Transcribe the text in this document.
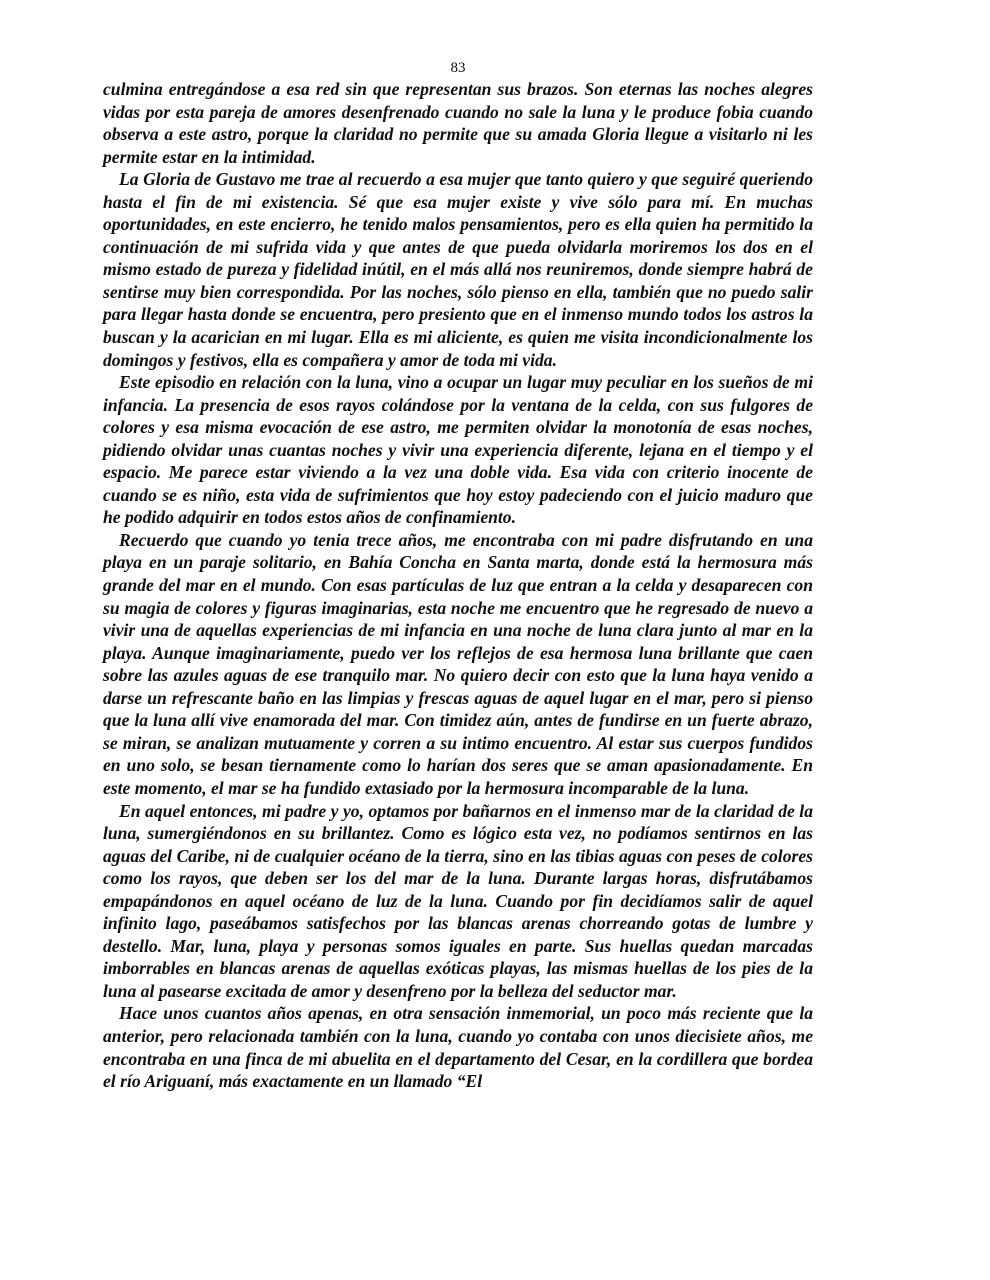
83

culmina entregándose a esa red sin que representan sus brazos. Son eternas las noches alegres vidas por esta pareja de amores desenfrenado cuando no sale la luna y le produce fobia cuando observa a este astro, porque la claridad no permite que su amada Gloria llegue a visitarlo ni les permite estar en la intimidad.

La Gloria de Gustavo me trae al recuerdo a esa mujer que tanto quiero y que seguiré queriendo hasta el fin de mi existencia. Sé que esa mujer existe y vive sólo para mí. En muchas oportunidades, en este encierro, he tenido malos pensamientos, pero es ella quien ha permitido la continuación de mi sufrida vida y que antes de que pueda olvidarla moriremos los dos en el mismo estado de pureza y fidelidad inútil, en el más allá nos reuniremos, donde siempre habrá de sentirse muy bien correspondida. Por las noches, sólo pienso en ella, también que no puedo salir para llegar hasta donde se encuentra, pero presiento que en el inmenso mundo todos los astros la buscan y la acarician en mi lugar. Ella es mi aliciente, es quien me visita incondicionalmente los domingos y festivos, ella es compañera y amor de toda mi vida.

Este episodio en relación con la luna, vino a ocupar un lugar muy peculiar en los sueños de mi infancia. La presencia de esos rayos colándose por la ventana de la celda, con sus fulgores de colores y esa misma evocación de ese astro, me permiten olvidar la monotonía de esas noches, pidiendo olvidar unas cuantas noches y vivir una experiencia diferente, lejana en el tiempo y el espacio. Me parece estar viviendo a la vez una doble vida. Esa vida con criterio inocente de cuando se es niño, esta vida de sufrimientos que hoy estoy padeciendo con el juicio maduro que he podido adquirir en todos estos años de confinamiento.

Recuerdo que cuando yo tenia trece años, me encontraba con mi padre disfrutando en una playa en un paraje solitario, en Bahía Concha en Santa marta, donde está la hermosura más grande del mar en el mundo. Con esas partículas de luz que entran a la celda y desaparecen con su magia de colores y figuras imaginarias, esta noche me encuentro que he regresado de nuevo a vivir una de aquellas experiencias de mi infancia en una noche de luna clara junto al mar en la playa. Aunque imaginariamente, puedo ver los reflejos de esa hermosa luna brillante que caen sobre las azules aguas de ese tranquilo mar. No quiero decir con esto que la luna haya venido a darse un refrescante baño en las limpias y frescas aguas de aquel lugar en el mar, pero si pienso que la luna allí vive enamorada del mar. Con timidez aún, antes de fundirse en un fuerte abrazo, se miran, se analizan mutuamente y corren a su intimo encuentro. Al estar sus cuerpos fundidos en uno solo, se besan tiernamente como lo harían dos seres que se aman apasionadamente. En este momento, el mar se ha fundido extasiado por la hermosura incomparable de la luna.

En aquel entonces, mi padre y yo, optamos por bañarnos en el inmenso mar de la claridad de la luna, sumergiéndonos en su brillantez. Como es lógico esta vez, no podíamos sentirnos en las aguas del Caribe, ni de cualquier océano de la tierra, sino en las tibias aguas con peses de colores como los rayos, que deben ser los del mar de la luna. Durante largas horas, disfrutábamos empapándonos en aquel océano de luz de la luna. Cuando por fin decidíamos salir de aquel infinito lago, paseábamos satisfechos por las blancas arenas chorreando gotas de lumbre y destello. Mar, luna, playa y personas somos iguales en parte. Sus huellas quedan marcadas imborrables en blancas arenas de aquellas exóticas playas, las mismas huellas de los pies de la luna al pasearse excitada de amor y desenfreno por la belleza del seductor mar.

Hace unos cuantos años apenas, en otra sensación inmemorial, un poco más reciente que la anterior, pero relacionada también con la luna, cuando yo contaba con unos diecisiete años, me encontraba en una finca de mi abuelita en el departamento del Cesar, en la cordillera que bordea el río Ariguaní, más exactamente en un llamado “El
